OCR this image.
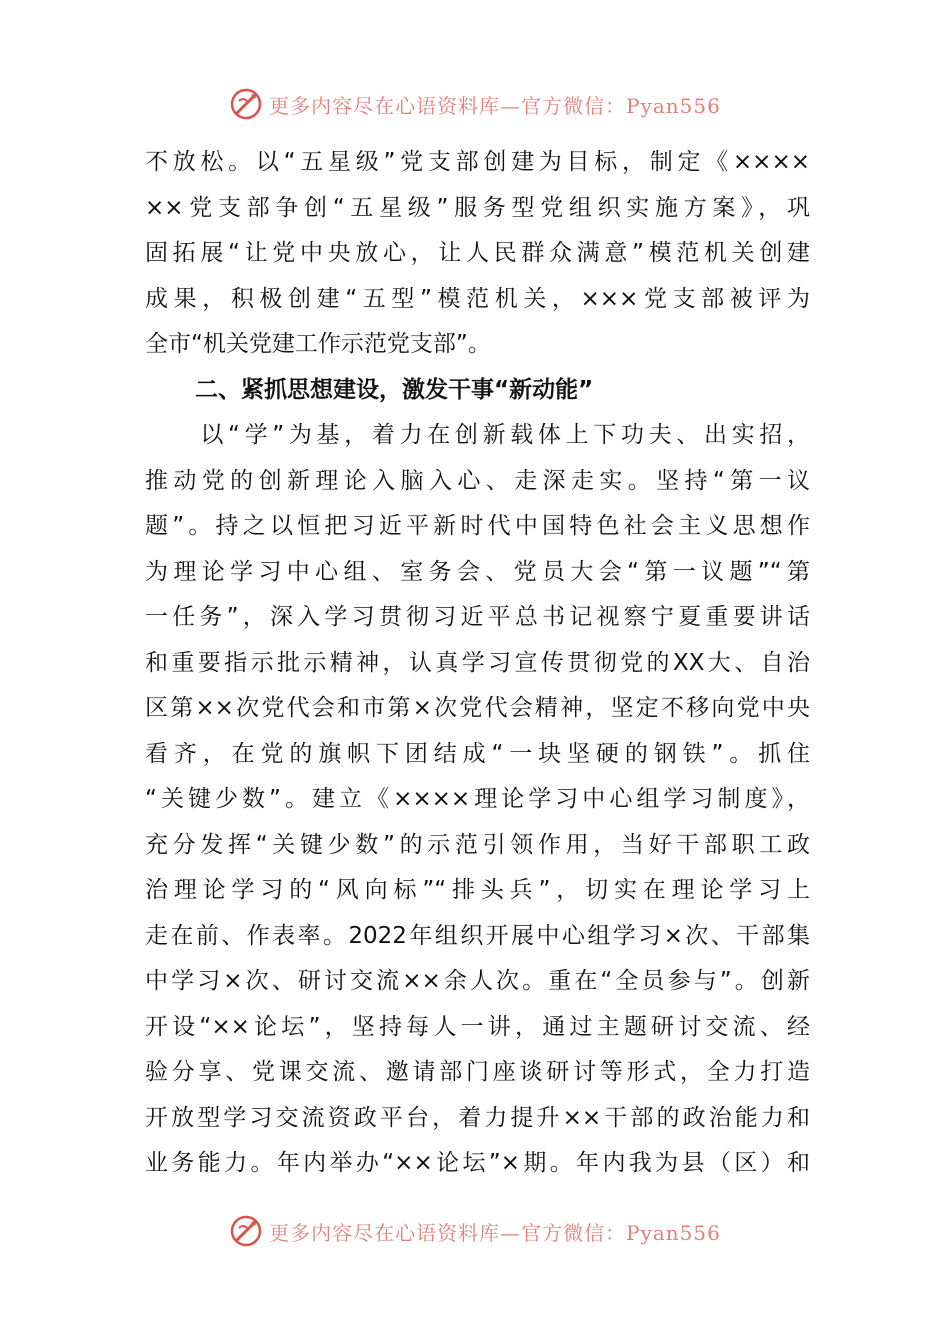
更多内容尽在心语资料库—官方微信：Pyan556
不放松。以“五星级”党支部创建为目标，制定《××××
××党支部争创“五星级”服务型党组织实施方案》，巩
固拓展“让党中央放心，让人民群众满意”模范机关创建
成果，积极创建“五型”模范机关，×××党支部被评为
全市“机关党建工作示范党支部”。
二、紧抓思想建设，激发干事“新动能”
　　以“学”为基，着力在创新载体上下功夫、出实招，
推动党的创新理论入脑入心、走深走实。坚持“第一议
题”。持之以恒把习近平新时代中国特色社会主义思想作
为理论学习中心组、室务会、党员大会“第一议题”“第
一任务”，深入学习贯彻习近平总书记视察宁夏重要讲话
和重要指示批示精神，认真学习宣传贯彻党的XX大、自治
区第××次党代会和市第×次党代会精神，坚定不移向党中央
看齐，在党的旗帜下团结成“一块坚硬的钢铁”。抓住
“关键少数”。建立《××××理论学习中心组学习制度》，
充分发挥“关键少数”的示范引领作用，当好干部职工政
治理论学习的“风向标”“排头兵”，切实在理论学习上
走在前、作表率。2022年组织开展中心组学习×次、干部集
中学习×次、研讨交流××余人次。重在“全员参与”。创新
开设“××论坛”，坚持每人一讲，通过主题研讨交流、经
验分享、党课交流、邀请部门座谈研讨等形式，全力打造
开放型学习交流资政平台，着力提升××干部的政治能力和
业务能力。年内举办“××论坛”×期。年内我为县（区）和
更多内容尽在心语资料库—官方微信：Pyan556
